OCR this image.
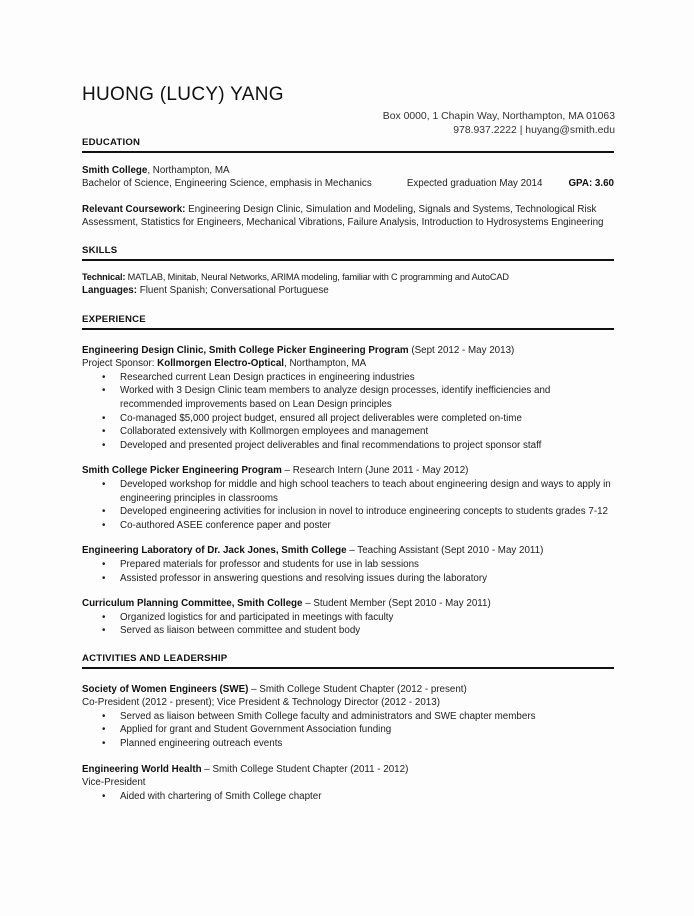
HUONG (LUCY) YANG
Box 0000, 1 Chapin Way, Northampton, MA 01063
978.937.2222 | huyang@smith.edu
EDUCATION
Smith College, Northampton, MA
Bachelor of Science, Engineering Science, emphasis in Mechanics	Expected graduation May 2014	GPA: 3.60
Relevant Coursework: Engineering Design Clinic, Simulation and Modeling, Signals and Systems, Technological Risk
Assessment, Statistics for Engineers, Mechanical Vibrations, Failure Analysis, Introduction to Hydrosystems Engineering
SKILLS
Technical: MATLAB, Minitab, Neural Networks, ARIMA modeling, familiar with C programming and AutoCAD
Languages: Fluent Spanish; Conversational Portuguese
EXPERIENCE
Engineering Design Clinic, Smith College Picker Engineering Program (Sept 2012 - May 2013)
Project Sponsor: Kollmorgen Electro-Optical, Northampton, MA
• Researched current Lean Design practices in engineering industries
• Worked with 3 Design Clinic team members to analyze design processes, identify inefficiencies and recommended improvements based on Lean Design principles
• Co-managed $5,000 project budget, ensured all project deliverables were completed on-time
• Collaborated extensively with Kollmorgen employees and management
• Developed and presented project deliverables and final recommendations to project sponsor staff
Smith College Picker Engineering Program – Research Intern (June 2011 - May 2012)
• Developed workshop for middle and high school teachers to teach about engineering design and ways to apply in engineering principles in classrooms
• Developed engineering activities for inclusion in novel to introduce engineering concepts to students grades 7-12
• Co-authored ASEE conference paper and poster
Engineering Laboratory of Dr. Jack Jones, Smith College – Teaching Assistant (Sept 2010 - May 2011)
• Prepared materials for professor and students for use in lab sessions
• Assisted professor in answering questions and resolving issues during the laboratory
Curriculum Planning Committee, Smith College – Student Member (Sept 2010 - May 2011)
• Organized logistics for and participated in meetings with faculty
• Served as liaison between committee and student body
ACTIVITIES AND LEADERSHIP
Society of Women Engineers (SWE) – Smith College Student Chapter (2012 - present)
Co-President (2012 - present); Vice President & Technology Director (2012 - 2013)
• Served as liaison between Smith College faculty and administrators and SWE chapter members
• Applied for grant and Student Government Association funding
• Planned engineering outreach events
Engineering World Health – Smith College Student Chapter (2011 - 2012)
Vice-President
• Aided with chartering of Smith College chapter
